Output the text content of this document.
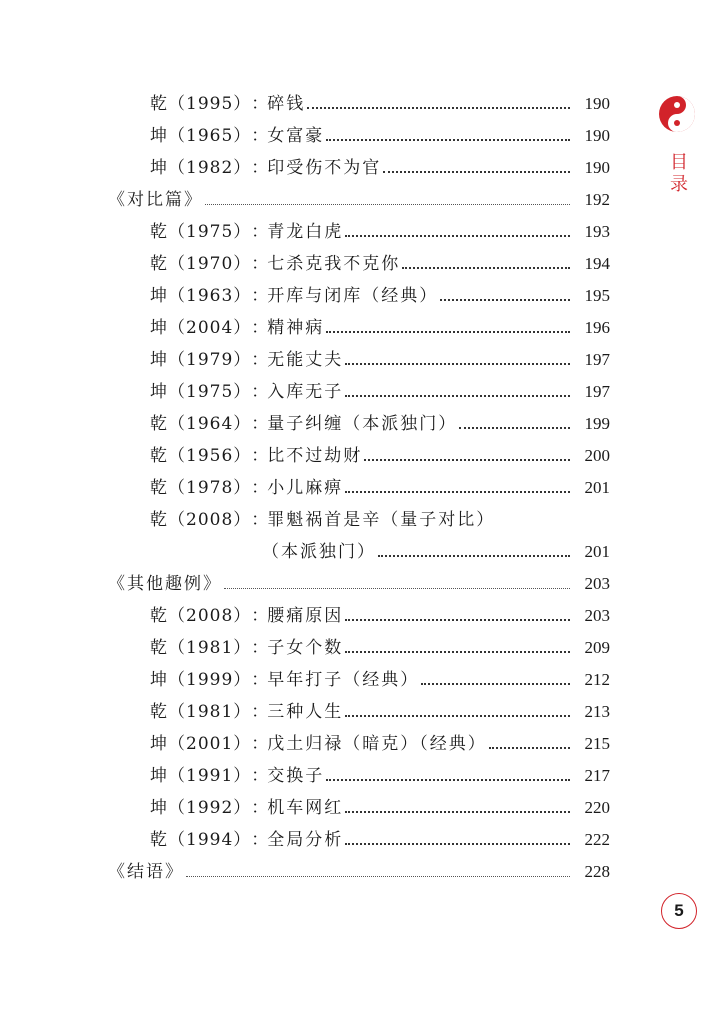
乾（1995）：碎钱	190
坤（1965）：女富豪	190
坤（1982）：印受伤不为官	190
《对比篇》	192
乾（1975）：青龙白虎	193
乾（1970）：七杀克我不克你	194
坤（1963）：开库与闭库（经典）	195
坤（2004）：精神病	196
坤（1979）：无能丈夫	197
坤（1975）：入库无子	197
乾（1964）：量子纠缠（本派独门）	199
乾（1956）：比不过劫财	200
乾（1978）：小儿麻痹	201
乾（2008）：罪魁祸首是辛（量子对比）
（本派独门）	201
《其他趣例》	203
乾（2008）：腰痛原因	203
乾（1981）：子女个数	209
坤（1999）：早年打子（经典）	212
乾（1981）：三种人生	213
坤（2001）：戊土归禄（暗克）（经典）	215
坤（1991）：交换子	217
坤（1992）：机车网红	220
乾（1994）：全局分析	222
《结语》	228
目
录
5
